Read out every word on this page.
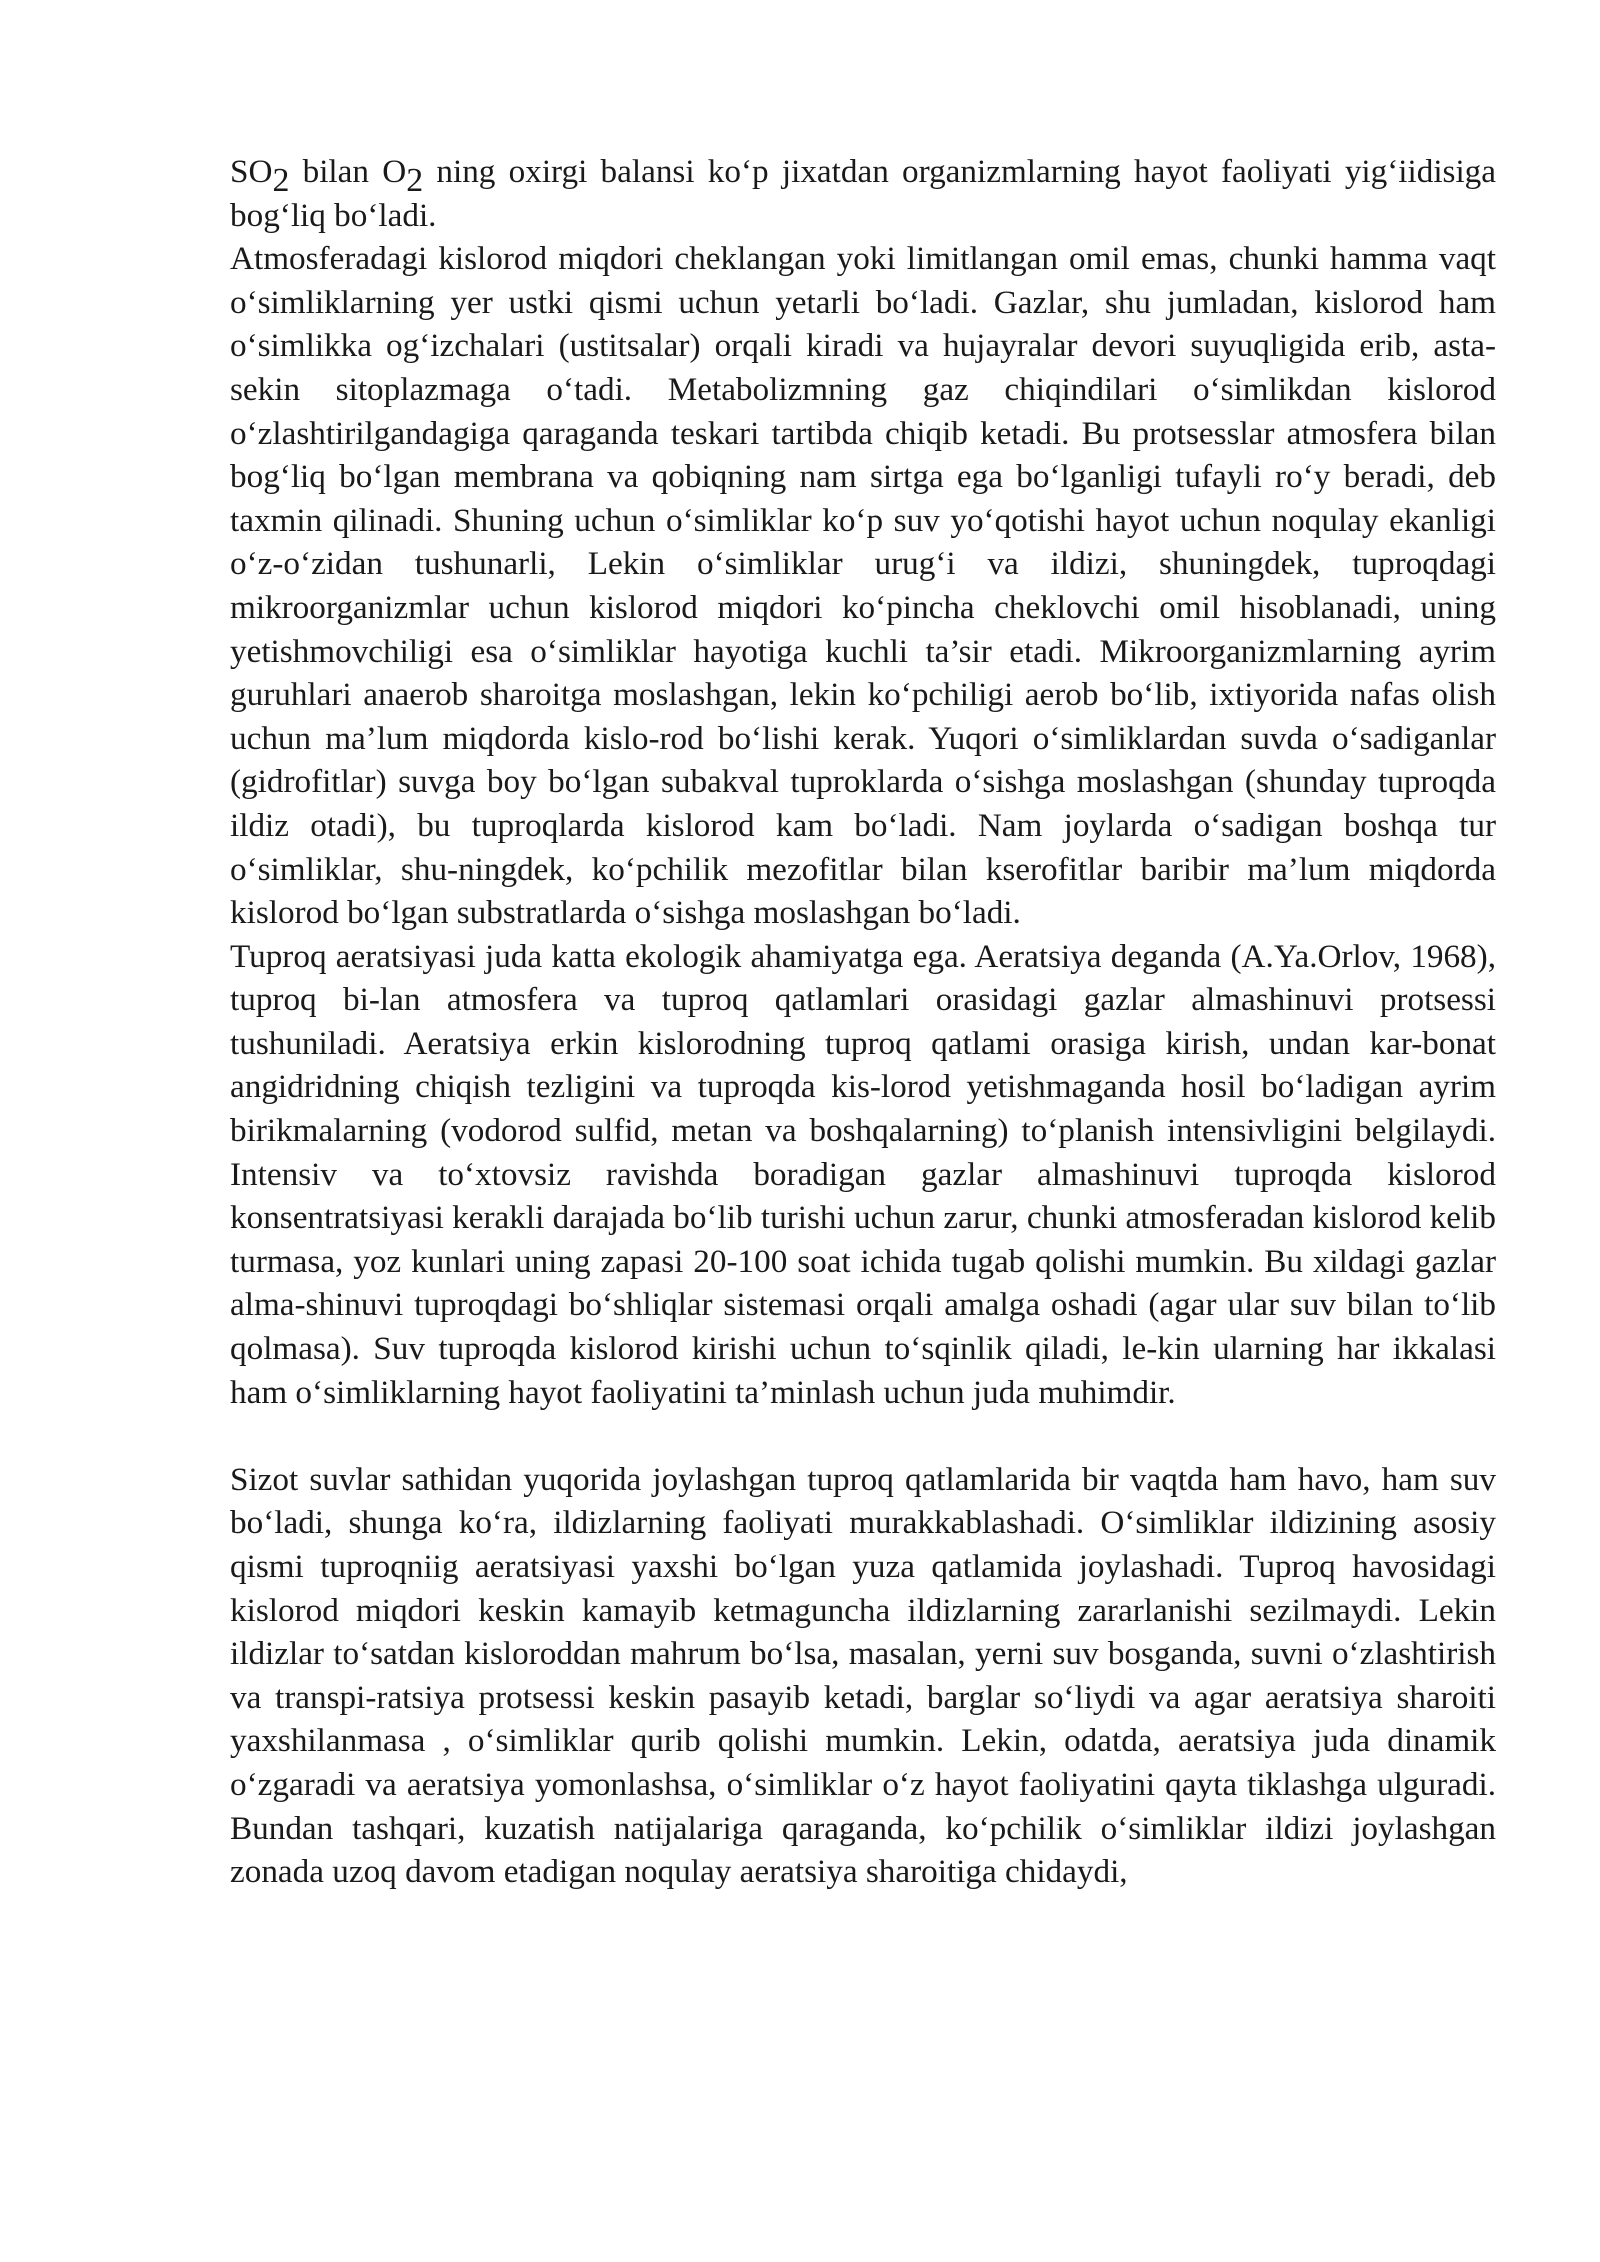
SO2 bilan O2 ning oxirgi balansi ko‘p jixatdan organizmlarning hayot faoliyati yig‘iidisiga bog‘liq bo‘ladi.

Atmosferadagi kislorod miqdori cheklangan yoki limitlangan omil emas, chunki hamma vaqt o‘simliklarning yer ustki qismi uchun yetarli bo‘ladi. Gazlar, shu jumladan, kislorod ham o‘simlikka og‘izchalari (ustitsalar) orqali kiradi va hujayralar devori suyuqligida erib, asta-sekin sitoplazmaga o‘tadi. Metabolizmning gaz chiqindilari o‘simlikdan kislorod o‘zlashtirilgandagiga qaraganda teskari tartibda chiqib ketadi. Bu protsesslar atmosfera bilan bog‘liq bo‘lgan membrana va qobiqning nam sirtga ega bo‘lganligi tufayli ro‘y beradi, deb taxmin qilinadi. Shuning uchun o‘simliklar ko‘p suv yo‘qotishi hayot uchun noqulay ekanligi o‘z-o‘zidan tushunarli, Lekin o‘simliklar urug‘i va ildizi, shuningdek, tuproqdagi mikroorganizmlar uchun kislorod miqdori ko‘pincha cheklovchi omil hisoblanadi, uning yetishmovchiligi esa o‘simliklar hayotiga kuchli ta’sir etadi. Mikroorganizmlarning ayrim guruhlari anaerob sharoitga moslashgan, lekin ko‘pchiligi aerob bo‘lib, ixtiyorida nafas olish uchun ma’lum miqdorda kislo-rod bo‘lishi kerak. Yuqori o‘simliklardan suvda o‘sadiganlar (gidrofitlar) suvga boy bo‘lgan subakval tuproklarda o‘sishga moslashgan (shunday tuproqda ildiz otadi), bu tuproqlarda kislorod kam bo‘ladi. Nam joylarda o‘sadigan boshqa tur o‘simliklar, shu-ningdek, ko‘pchilik mezofitlar bilan kserofitlar baribir ma’lum miqdorda kislorod bo‘lgan substratlarda o‘sishga moslashgan bo‘ladi.

Tuproq aeratsiyasi juda katta ekologik ahamiyatga ega. Aeratsiya deganda (A.Ya.Orlov, 1968), tuproq bi-lan atmosfera va tuproq qatlamlari orasidagi gazlar almashinuvi protsessi tushuniladi. Aeratsiya erkin kislorodning tuproq qatlami orasiga kirish, undan kar-bonat angidridning chiqish tezligini va tuproqda kis-lorod yetishmaganda hosil bo‘ladigan ayrim birikmalarning (vodorod sulfid, metan va boshqalarning) to‘planish intensivligini belgilaydi. Intensiv va to‘xtovsiz ravishda boradigan gazlar almashinuvi tuproqda kislorod konsentratsiyasi kerakli darajada bo‘lib turishi uchun zarur, chunki atmosferadan kislorod kelib turmasa, yoz kunlari uning zapasi 20-100 soat ichida tugab qolishi mumkin. Bu xildagi gazlar alma-shinuvi tuproqdagi bo‘shliqlar sistemasi orqali amalga oshadi (agar ular suv bilan to‘lib qolmasa). Suv tuproqda kislorod kirishi uchun to‘sqinlik qiladi, le-kin ularning har ikkalasi ham o‘simliklarning hayot faoliyatini ta’minlash uchun juda muhimdir.

Sizot suvlar sathidan yuqorida joylashgan tuproq qatlamlarida bir vaqtda ham havo, ham suv bo‘ladi, shunga ko‘ra, ildizlarning faoliyati murakkablashadi. O‘simliklar ildizining asosiy qismi tuproqniig aeratsiyasi yaxshi bo‘lgan yuza qatlamida joylashadi. Tuproq havosidagi kislorod miqdori keskin kamayib ketmaguncha ildizlarning zararlanishi sezilmaydi. Lekin ildizlar to‘satdan kisloroddan mahrum bo‘lsa, masalan, yerni suv bosganda, suvni o‘zlashtirish va transpi-ratsiya protsessi keskin pasayib ketadi, barglar so‘liydi va agar aeratsiya sharoiti yaxshilanmasa , o‘simliklar qurib qolishi mumkin. Lekin, odatda, aeratsiya juda dinamik o‘zgaradi va aeratsiya yomonlashsa, o‘simliklar o‘z hayot faoliyatini qayta tiklashga ulguradi. Bundan tashqari, kuzatish natijalariga qaraganda, ko‘pchilik o‘simliklar ildizi joylashgan zonada uzoq davom etadigan noqulay aeratsiya sharoitiga chidaydi,
